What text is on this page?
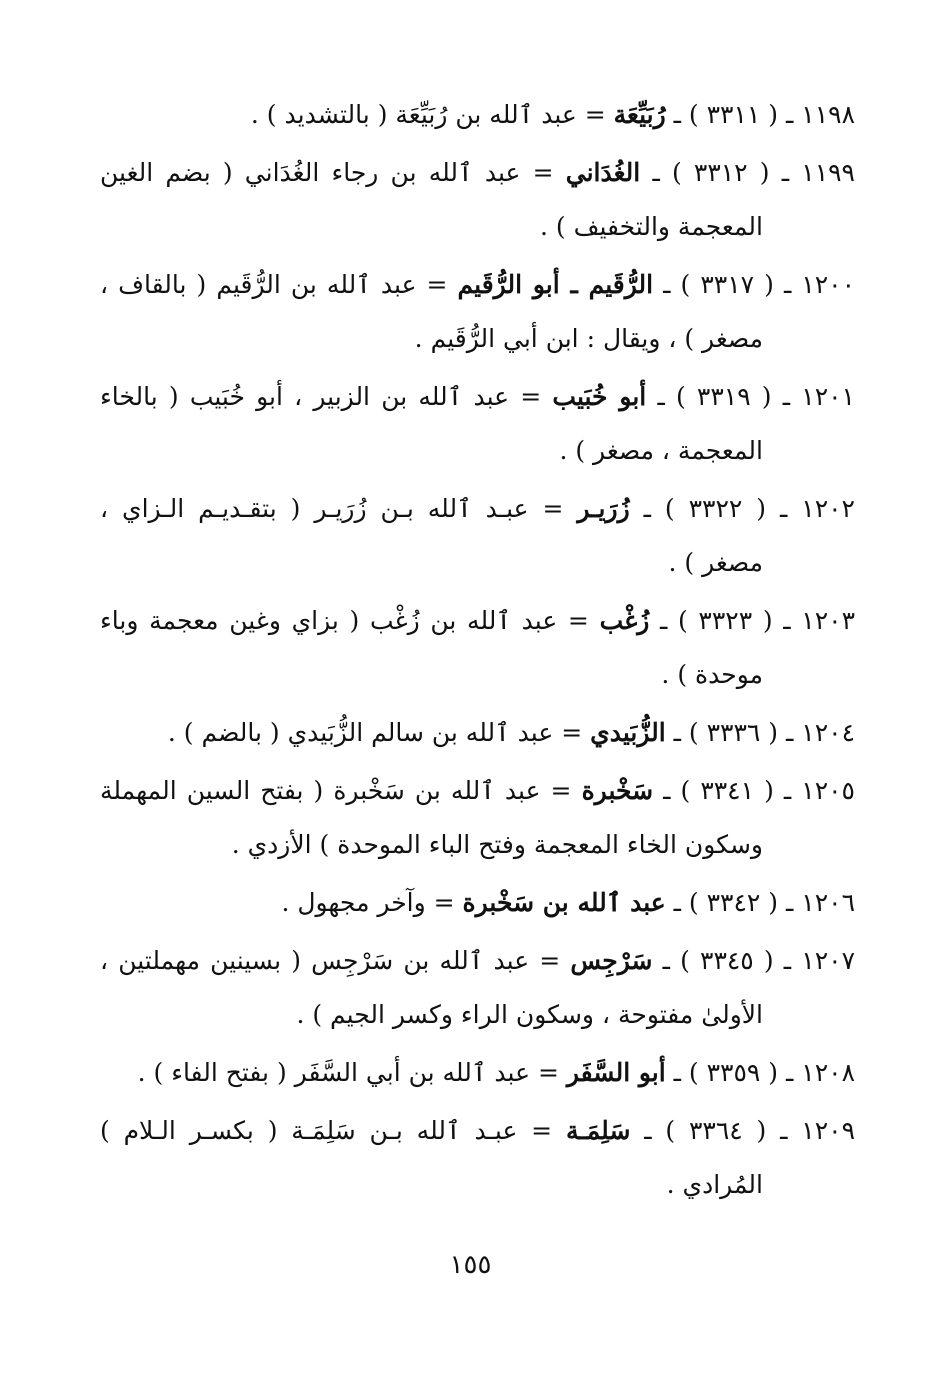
١١٩٨ ـ ( ٣٣١١ ) ـ رُبَيِّعَة = عبد ٱلله بن رُبَيِّعَة ( بالتشديد ) .
١١٩٩ ـ ( ٣٣١٢ ) ـ الغُدَاني = عبد ٱلله بن رجاء الغُدَاني ( بضم الغين
المعجمة والتخفيف ) .
١٢٠٠ ـ ( ٣٣١٧ ) ـ الرُّقَيم ـ أبو الرُّقَيم = عبد ٱلله بن الرُّقَيم ( بالقاف ،
مصغر ) ، ويقال : ابن أبي الرُّقَيم .
١٢٠١ ـ ( ٣٣١٩ ) ـ أبو خُبَيب = عبد ٱلله بن الزبير ، أبو خُبَيب ( بالخاء
المعجمة ، مصغر ) .
١٢٠٢ ـ ( ٣٣٢٢ ) ـ زُرَيـر = عبـد ٱلله بـن زُرَيـر ( بتقـديـم الـزاي ،
مصغر ) .
١٢٠٣ ـ ( ٣٣٢٣ ) ـ زُغْب = عبد ٱلله بن زُغْب ( بزاي وغين معجمة وباء
موحدة ) .
١٢٠٤ ـ ( ٣٣٣٦ ) ـ الزُّبَيدي = عبد ٱلله بن سالم الزُّبَيدي ( بالضم ) .
١٢٠٥ ـ ( ٣٣٤١ ) ـ سَخْبرة = عبد ٱلله بن سَخْبرة ( بفتح السين المهملة
وسكون الخاء المعجمة وفتح الباء الموحدة ) الأزدي .
١٢٠٦ ـ ( ٣٣٤٢ ) ـ عبد ٱلله بن سَخْبرة = وآخر مجهول .
١٢٠٧ ـ ( ٣٣٤٥ ) ـ سَرْجِس = عبد ٱلله بن سَرْجِس ( بسينين مهملتين ،
الأولىٰ مفتوحة ، وسكون الراء وكسر الجيم ) .
١٢٠٨ ـ ( ٣٣٥٩ ) ـ أبو السَّفَر = عبد ٱلله بن أبي السَّفَر ( بفتح الفاء ) .
١٢٠٩ ـ ( ٣٣٦٤ ) ـ سَلِمَـة = عبـد ٱلله بـن سَلِمَـة ( بكسـر الـلام )
المُرادي .
١٥٥
